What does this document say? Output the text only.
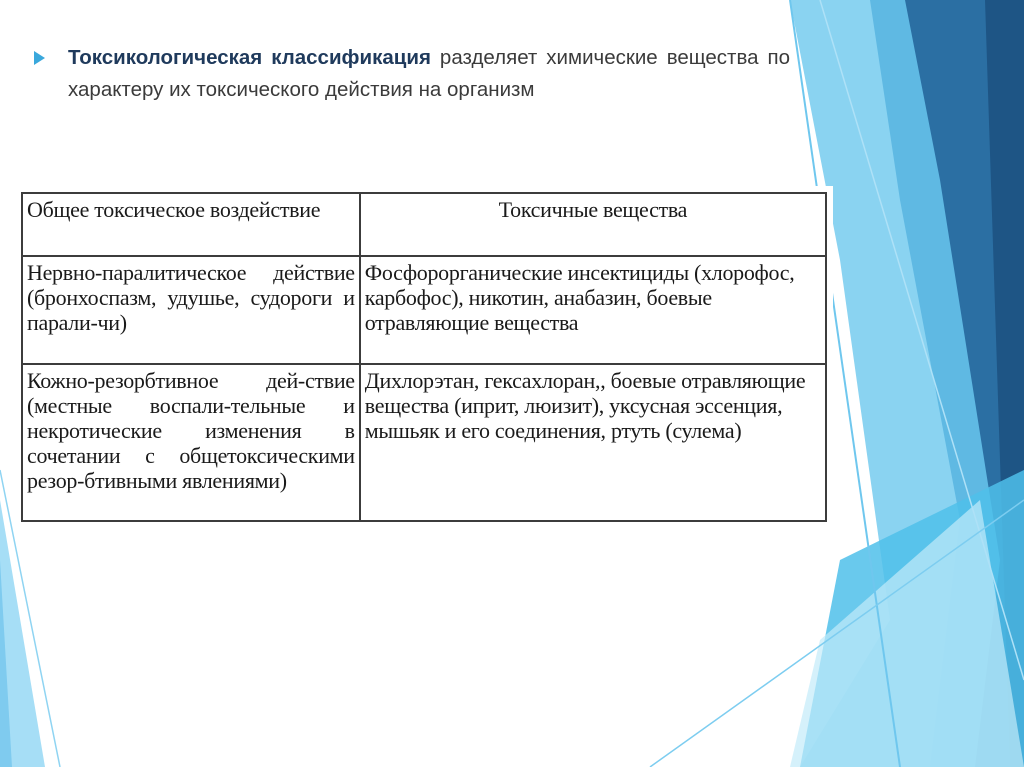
Токсикологическая классификация разделяет химические вещества по характеру их токсического действия на организм
Общее токсическое воздействие	Токсичные вещества
Нервно-паралитическое действие (бронхоспазм, удушье, судороги и парали-чи)	Фосфорорганические инсектициды (хлорофос, карбофос), никотин, анабазин, боевые отравляющие вещества
Кожно-резорбтивное дей-ствие (местные воспали-тельные и некротические изменения в сочетании с общетоксическими резор-бтивными явлениями)	Дихлорэтан, гексахлоран,, боевые отравляющие вещества (иприт, люизит), уксусная эссенция, мышьяк и его соединения, ртуть (сулема)
